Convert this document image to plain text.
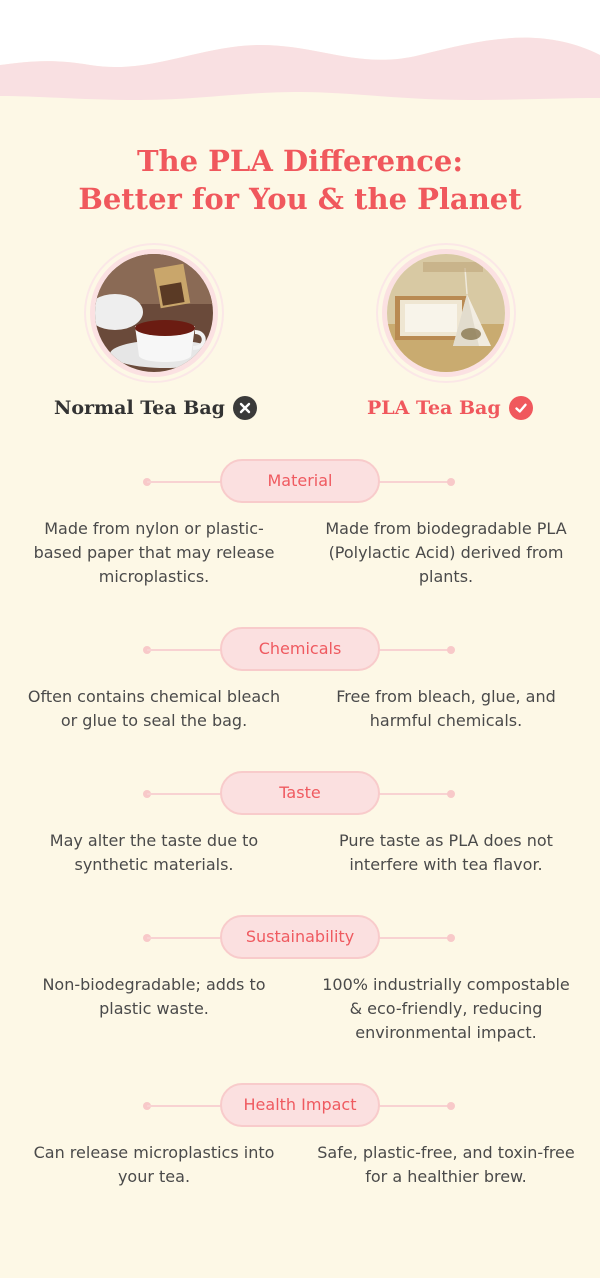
The PLA Difference:
Better for You & the Planet
Normal Tea Bag	PLA Tea Bag
Material
Made from nylon or plastic-based paper that may release microplastics.
Made from biodegradable PLA (Polylactic Acid) derived from plants.
Chemicals
Often contains chemical bleach or glue to seal the bag.
Free from bleach, glue, and harmful chemicals.
Taste
May alter the taste due to synthetic materials.
Pure taste as PLA does not interfere with tea flavor.
Sustainability
Non-biodegradable; adds to plastic waste.
100% industrially compostable & eco-friendly, reducing environmental impact.
Health Impact
Can release microplastics into your tea.
Safe, plastic-free, and toxin-free for a healthier brew.
